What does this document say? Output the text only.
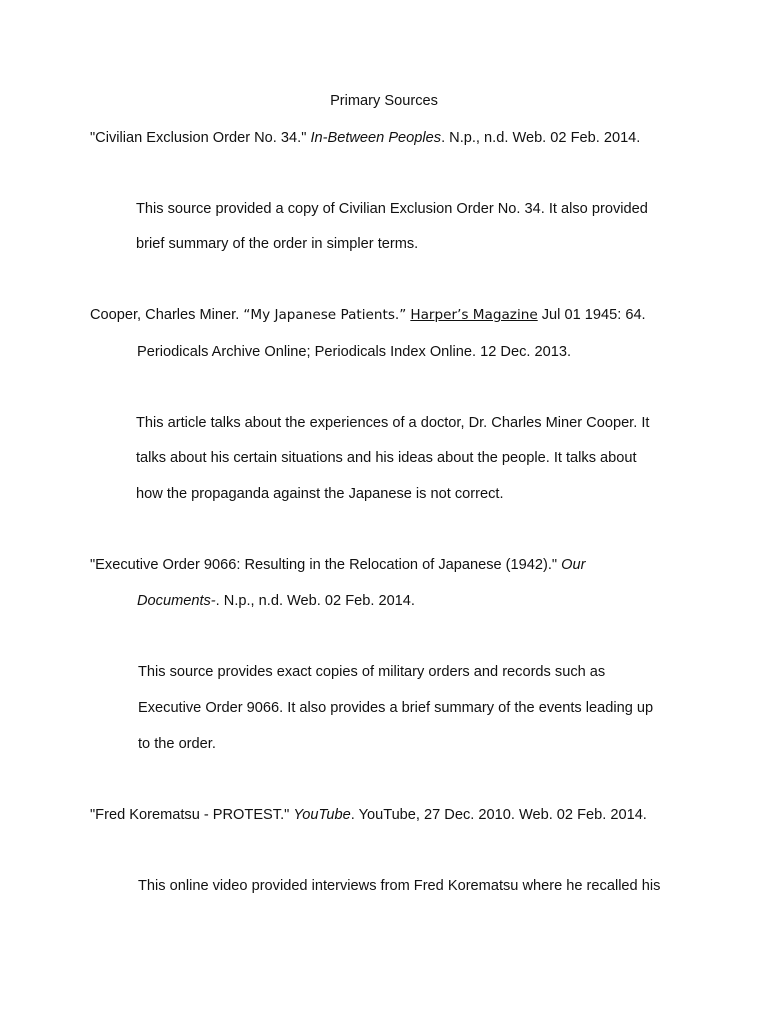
Primary Sources
"Civilian Exclusion Order No. 34." In-Between Peoples. N.p., n.d. Web. 02 Feb. 2014.
This source provided a copy of Civilian Exclusion Order No. 34. It also provided
brief summary of the order in simpler terms.
Cooper, Charles Miner. “My Japanese Patients.” Harper’s Magazine Jul 01 1945: 64.
Periodicals Archive Online; Periodicals Index Online. 12 Dec. 2013.
This article talks about the experiences of a doctor, Dr. Charles Miner Cooper. It
talks about his certain situations and his ideas about the people. It talks about
how the propaganda against the Japanese is not correct.
"Executive Order 9066: Resulting in the Relocation of Japanese (1942)." Our
Documents-. N.p., n.d. Web. 02 Feb. 2014.
This source provides exact copies of military orders and records such as
Executive Order 9066. It also provides a brief summary of the events leading up
to the order.
"Fred Korematsu - PROTEST." YouTube. YouTube, 27 Dec. 2010. Web. 02 Feb. 2014.
This online video provided interviews from Fred Korematsu where he recalled his
